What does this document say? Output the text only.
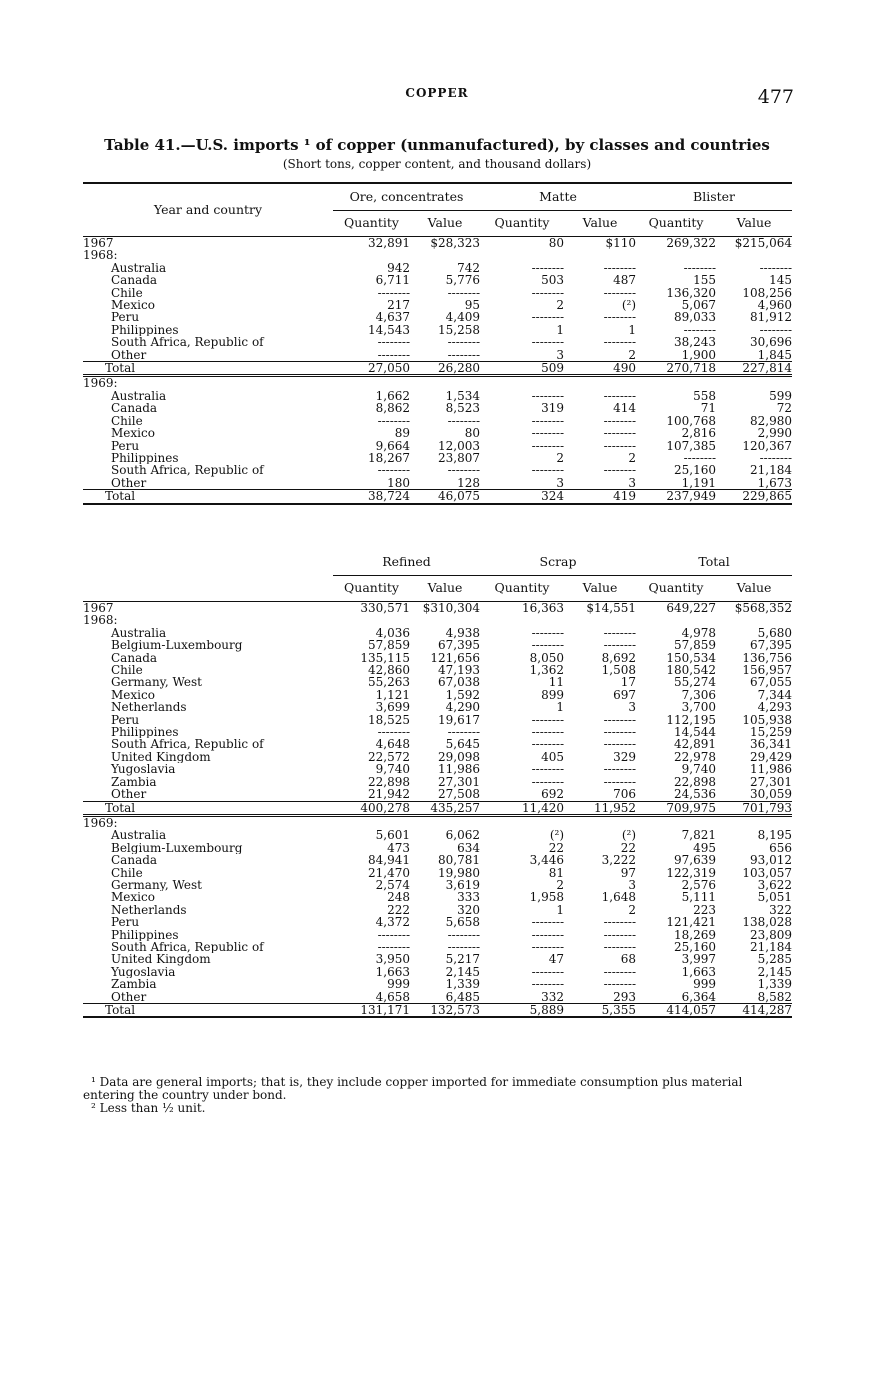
COPPER	477
Table 41.—U.S. imports ¹ of copper (unmanufactured), by classes and countries
(Short tons, copper content, and thousand dollars)
Year and country	Ore, concentrates		Matte		Blister	
	Quantity	Value	Quantity	Value	Quantity	Value
1967	32,891	$28,323	80	$110	269,322	$215,064
1968:						
Australia	942	742	--------	--------	--------	--------
Canada	6,711	5,776	503	487	155	145
Chile	--------	--------	--------	--------	136,320	108,256
Mexico	217	95	2	(²)	5,067	4,960
Peru	4,637	4,409	--------	--------	89,033	81,912
Philippines	14,543	15,258	1	1	--------	--------
South Africa, Republic of	--------	--------	--------	--------	38,243	30,696
Other	--------	--------	3	2	1,900	1,845
Total	27,050	26,280	509	490	270,718	227,814
1969:						
Australia	1,662	1,534	--------	--------	558	599
Canada	8,862	8,523	319	414	71	72
Chile	--------	--------	--------	--------	100,768	82,980
Mexico	89	80	--------	--------	2,816	2,990
Peru	9,664	12,003	--------	--------	107,385	120,367
Philippines	18,267	23,807	2	2	--------	--------
South Africa, Republic of	--------	--------	--------	--------	25,160	21,184
Other	180	128	3	3	1,191	1,673
Total	38,724	46,075	324	419	237,949	229,865
	Refined		Scrap		Total	
	Quantity	Value	Quantity	Value	Quantity	Value
1967	330,571	$310,304	16,363	$14,551	649,227	$568,352
1968:						
Australia	4,036	4,938	--------	--------	4,978	5,680
Belgium-Luxembourg	57,859	67,395	--------	--------	57,859	67,395
Canada	135,115	121,656	8,050	8,692	150,534	136,756
Chile	42,860	47,193	1,362	1,508	180,542	156,957
Germany, West	55,263	67,038	11	17	55,274	67,055
Mexico	1,121	1,592	899	697	7,306	7,344
Netherlands	3,699	4,290	1	3	3,700	4,293
Peru	18,525	19,617	--------	--------	112,195	105,938
Philippines	--------	--------	--------	--------	14,544	15,259
South Africa, Republic of	4,648	5,645	--------	--------	42,891	36,341
United Kingdom	22,572	29,098	405	329	22,978	29,429
Yugoslavia	9,740	11,986	--------	--------	9,740	11,986
Zambia	22,898	27,301	--------	--------	22,898	27,301
Other	21,942	27,508	692	706	24,536	30,059
Total	400,278	435,257	11,420	11,952	709,975	701,793
1969:						
Australia	5,601	6,062	(²)	(²)	7,821	8,195
Belgium-Luxembourg	473	634	22	22	495	656
Canada	84,941	80,781	3,446	3,222	97,639	93,012
Chile	21,470	19,980	81	97	122,319	103,057
Germany, West	2,574	3,619	2	3	2,576	3,622
Mexico	248	333	1,958	1,648	5,111	5,051
Netherlands	222	320	1	2	223	322
Peru	4,372	5,658	--------	--------	121,421	138,028
Philippines	--------	--------	--------	--------	18,269	23,809
South Africa, Republic of	--------	--------	--------	--------	25,160	21,184
United Kingdom	3,950	5,217	47	68	3,997	5,285
Yugoslavia	1,663	2,145	--------	--------	1,663	2,145
Zambia	999	1,339	--------	--------	999	1,339
Other	4,658	6,485	332	293	6,364	8,582
Total	131,171	132,573	5,889	5,355	414,057	414,287
¹ Data are general imports; that is, they include copper imported for immediate consumption plus material entering the country under bond.
² Less than ½ unit.
